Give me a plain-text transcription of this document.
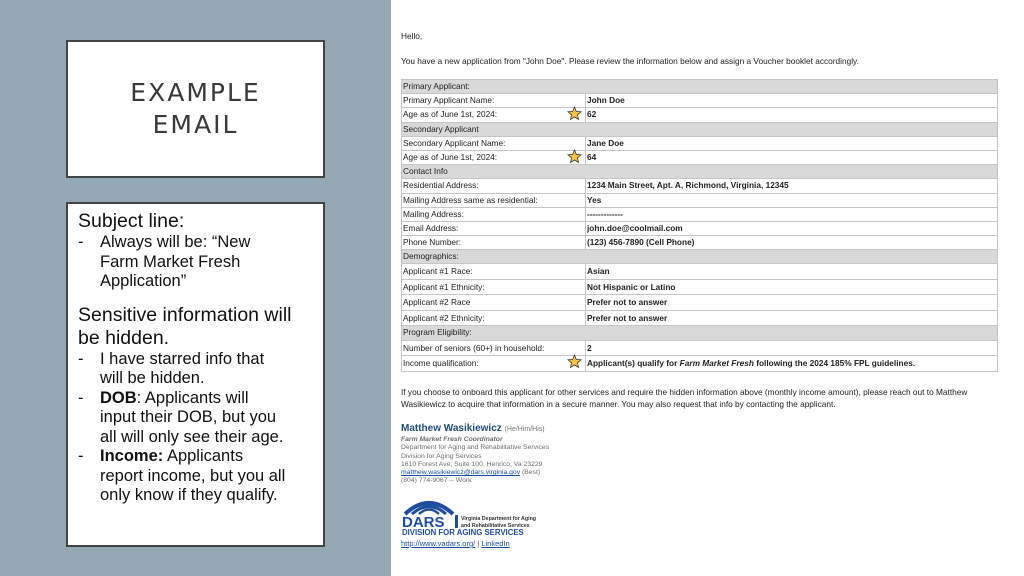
EXAMPLE
EMAIL
Subject line:
- Always will be: “New
Farm Market Fresh
Application”
Sensitive information will
be hidden.
- I have starred info that
will be hidden.
- DOB: Applicants will
input their DOB, but you
all will only see their age.
- Income: Applicants
report income, but you all
only know if they qualify.
Hello,
You have a new application from "John Doe". Please review the information below and assign a Voucher booklet accordingly.
Primary Applicant:
Primary Applicant Name:	John Doe
Age as of June 1st, 2024:	62
Secondary Applicant
Secondary Applicant Name:	Jane Doe
Age as of June 1st, 2024:	64
Contact Info
Residential Address:	1234 Main Street, Apt. A, Richmond, Virginia, 12345
Mailing Address same as residential:	Yes
Mailing Address:	-------------
Email Address:	john.doe@coolmail.com
Phone Number:	(123) 456-7890 (Cell Phone)
Demographics:
Applicant #1 Race:	Asian
Applicant #1 Ethnicity:	Not Hispanic or Latino
Applicant #2 Race	Prefer not to answer
Applicant #2 Ethnicity:	Prefer not to answer
Program Eligibility:
Number of seniors (60+) in household:	2
Income qualification:	Applicant(s) qualify for Farm Market Fresh following the 2024 185% FPL guidelines.
If you choose to onboard this applicant for other services and require the hidden information above (monthly income amount), please reach out to Matthew Wasikiewicz to acquire that information in a secure manner. You may also request that info by contacting the applicant.
Matthew Wasikiewicz (He/Him/His)
Farm Market Fresh Coordinator
Department for Aging and Rehabilitative Services
Division for Aging Services
1610 Forest Ave, Suite 100, Henrico, Va 23229
matthew.wasikiewicz@dars.virginia.gov (Best)
(804) 774-9067 -- Work
DARS	Virginia Department for Aging
and Rehabilitative Services
DIVISION FOR AGING SERVICES
http://www.vadars.org/ | LinkedIn
